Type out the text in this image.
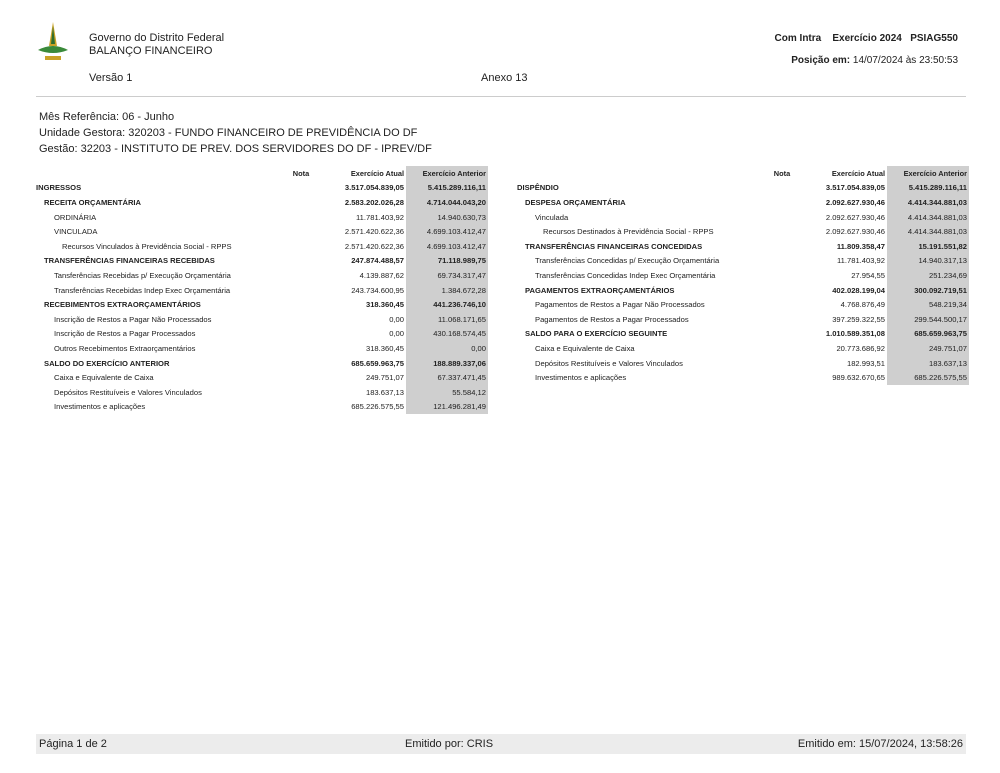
Governo do Distrito Federal
BALANÇO FINANCEIRO
Versão 1	Anexo 13
Com Intra Exercício 2024 PSIAG550
Posição em: 14/07/2024 às 23:50:53
Mês Referência: 06 - Junho
Unidade Gestora: 320203 - FUNDO FINANCEIRO DE PREVIDÊNCIA DO DF
Gestão: 32203 - INSTITUTO DE PREV. DOS SERVIDORES DO DF - IPREV/DF
	Nota	Exercício Atual	Exercício Anterior
INGRESSOS		3.517.054.839,05	5.415.289.116,11
RECEITA ORÇAMENTÁRIA		2.583.202.026,28	4.714.044.043,20
ORDINÁRIA		11.781.403,92	14.940.630,73
VINCULADA		2.571.420.622,36	4.699.103.412,47
Recursos Vinculados à Previdência Social - RPPS		2.571.420.622,36	4.699.103.412,47
TRANSFERÊNCIAS FINANCEIRAS RECEBIDAS		247.874.488,57	71.118.989,75
Tansferências Recebidas p/ Execução Orçamentária		4.139.887,62	69.734.317,47
Transferências Recebidas Indep Exec Orçamentária		243.734.600,95	1.384.672,28
RECEBIMENTOS EXTRAORÇAMENTÁRIOS		318.360,45	441.236.746,10
Inscrição de Restos a Pagar Não Processados		0,00	11.068.171,65
Inscrição de Restos a Pagar Processados		0,00	430.168.574,45
Outros Recebimentos Extraorçamentários		318.360,45	0,00
SALDO DO EXERCÍCIO ANTERIOR		685.659.963,75	188.889.337,06
Caixa e Equivalente de Caixa		249.751,07	67.337.471,45
Depósitos Restituíveis e Valores Vinculados		183.637,13	55.584,12
Investimentos e aplicações		685.226.575,55	121.496.281,49
	Nota	Exercício Atual	Exercício Anterior
DISPÊNDIO		3.517.054.839,05	5.415.289.116,11
DESPESA ORÇAMENTÁRIA		2.092.627.930,46	4.414.344.881,03
Vinculada		2.092.627.930,46	4.414.344.881,03
Recursos Destinados à Previdência Social - RPPS		2.092.627.930,46	4.414.344.881,03
TRANSFERÊNCIAS FINANCEIRAS CONCEDIDAS		11.809.358,47	15.191.551,82
Transferências Concedidas p/ Execução Orçamentária		11.781.403,92	14.940.317,13
Transferências Concedidas Indep Exec Orçamentária		27.954,55	251.234,69
PAGAMENTOS EXTRAORÇAMENTÁRIOS		402.028.199,04	300.092.719,51
Pagamentos de Restos a Pagar Não Processados		4.768.876,49	548.219,34
Pagamentos de Restos a Pagar Processados		397.259.322,55	299.544.500,17
SALDO PARA O EXERCÍCIO SEGUINTE		1.010.589.351,08	685.659.963,75
Caixa e Equivalente de Caixa		20.773.686,92	249.751,07
Depósitos Restituíveis e Valores Vinculados		182.993,51	183.637,13
Investimentos e aplicações		989.632.670,65	685.226.575,55
Página 1 de 2	Emitido por: CRIS	Emitido em: 15/07/2024, 13:58:26
